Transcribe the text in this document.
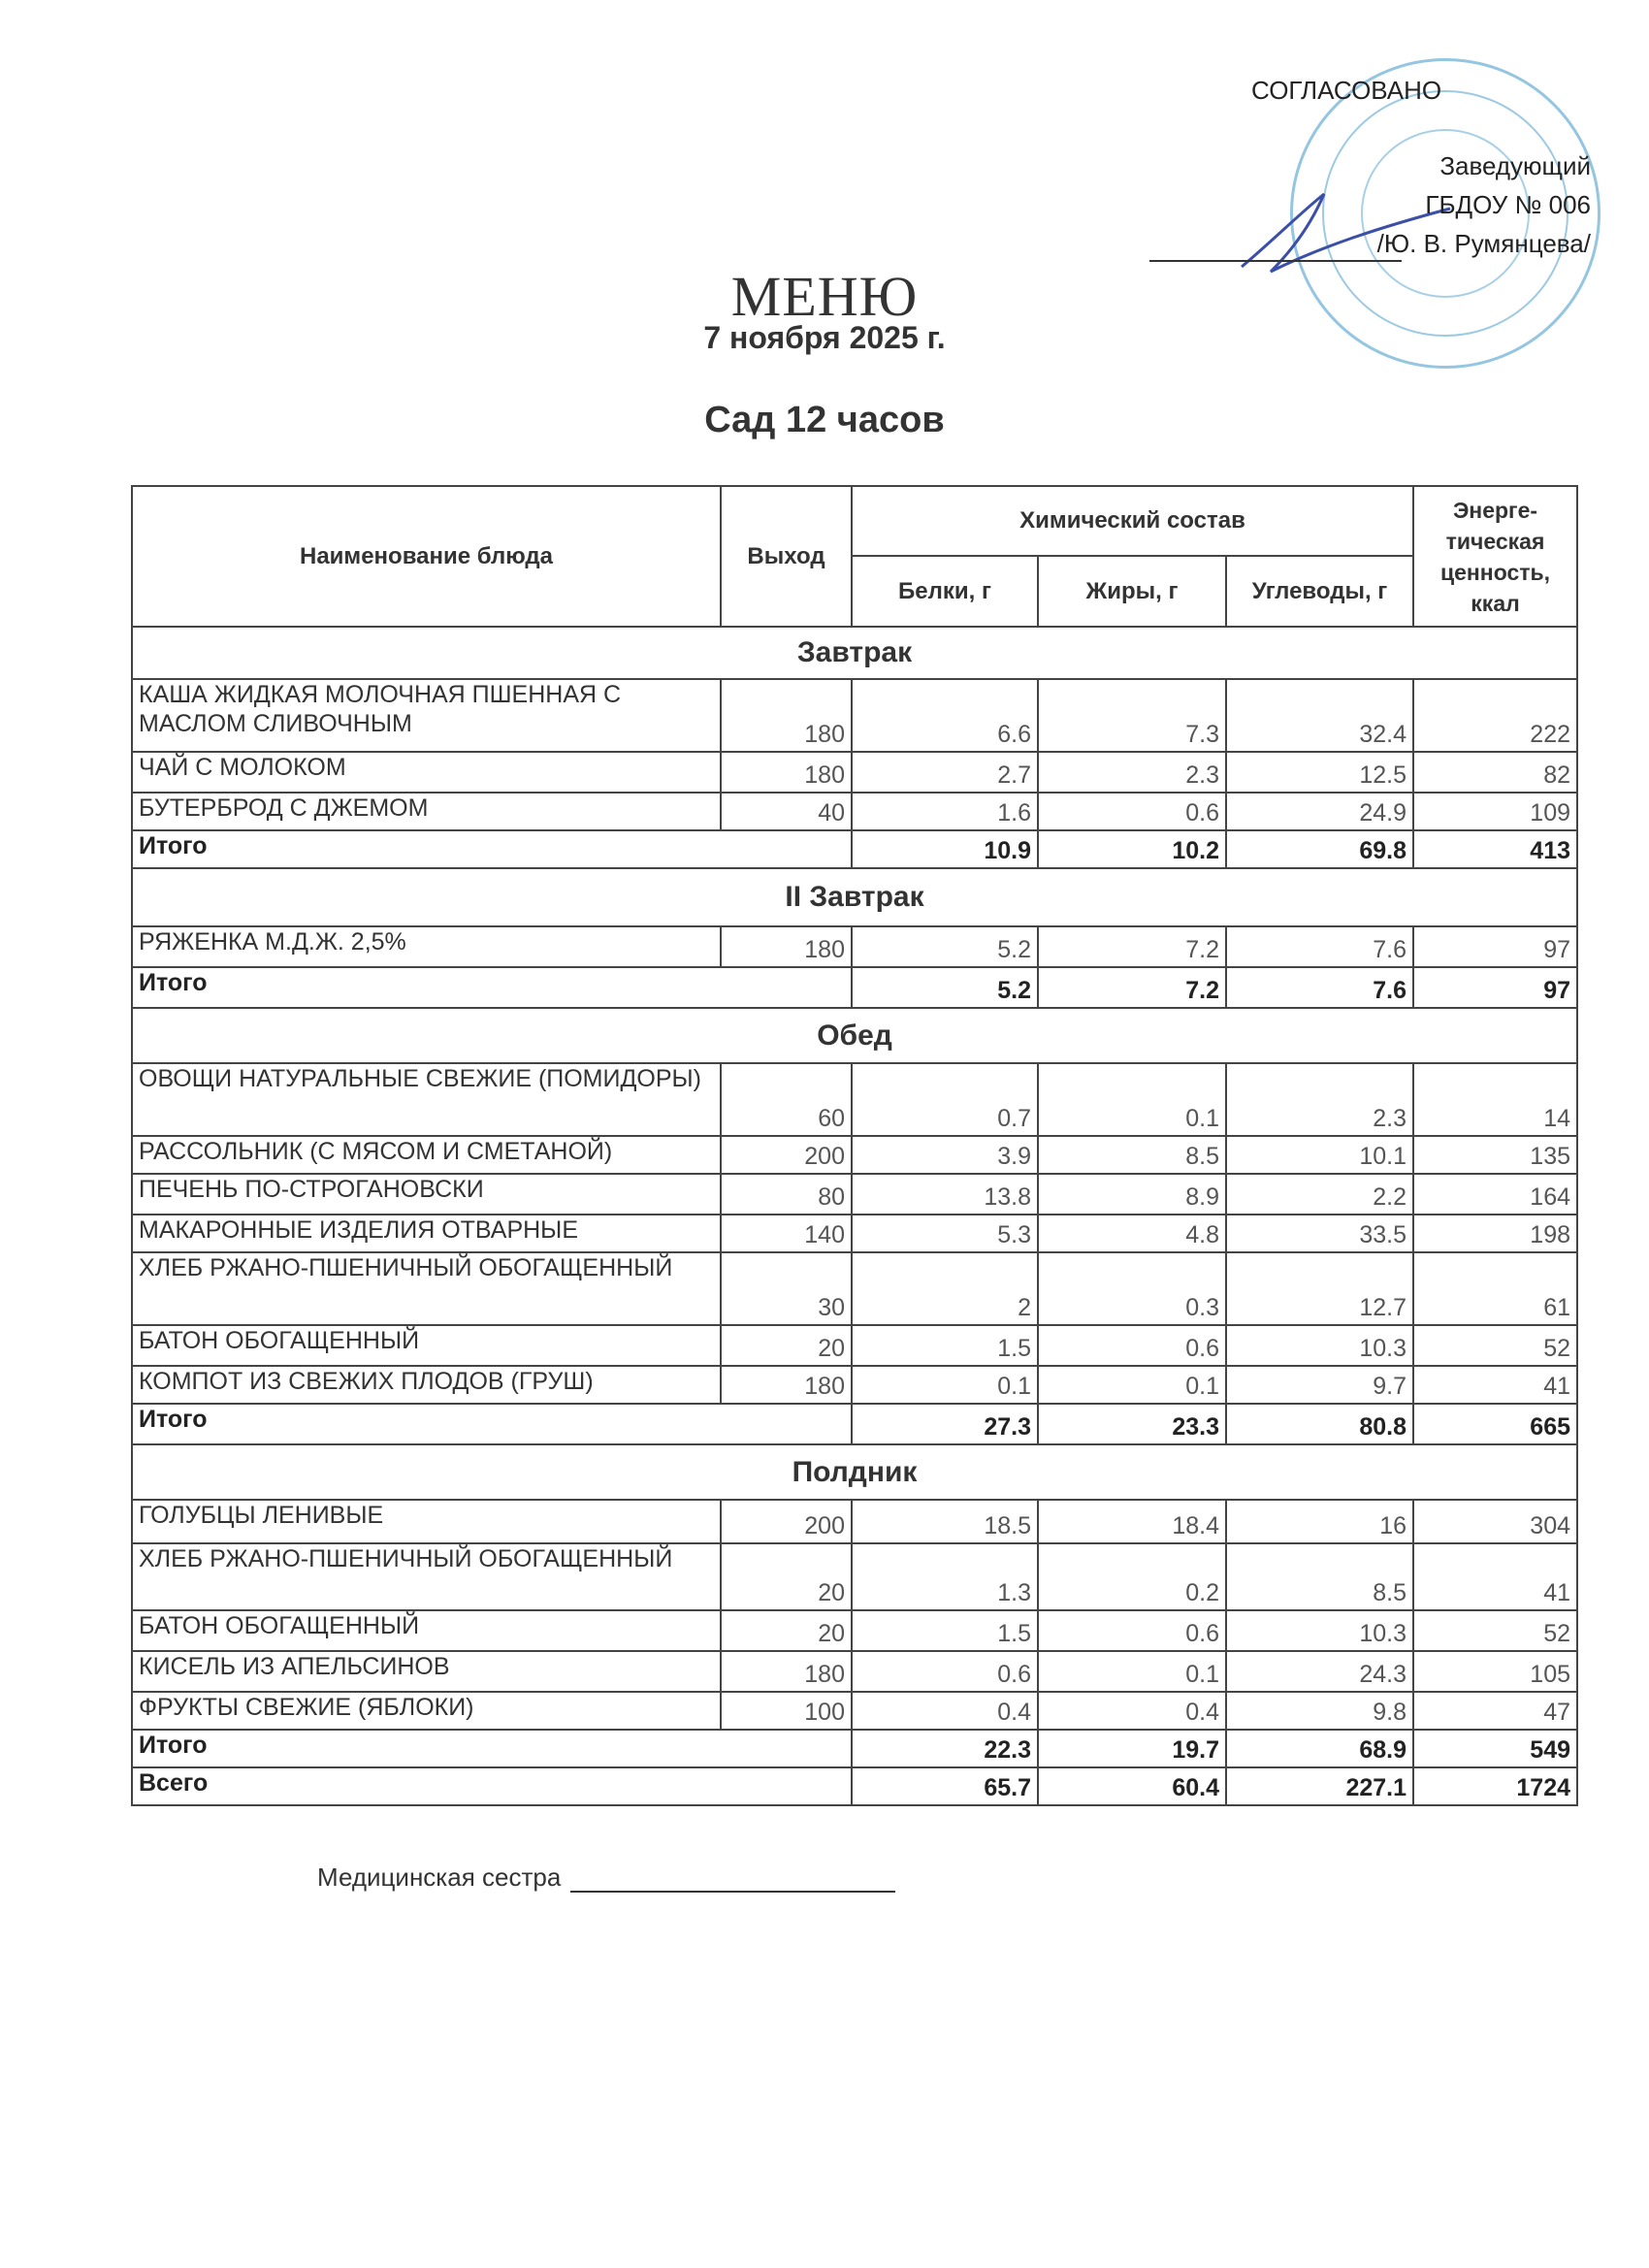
СОГЛАСОВАНО
Заведующий
ГБДОУ № 006
/Ю. В. Румянцева/
МЕНЮ
7 ноября 2025 г.
Сад 12 часов
Наименование блюда	Выход	Химический состав			Энерге-тическая ценность, ккал
		Белки, г	Жиры, г	Углеводы, г	
Завтрак					
КАША ЖИДКАЯ МОЛОЧНАЯ ПШЕННАЯ С МАСЛОМ СЛИВОЧНЫМ	180	6.6	7.3	32.4	222
ЧАЙ С МОЛОКОМ	180	2.7	2.3	12.5	82
БУТЕРБРОД С ДЖЕМОМ	40	1.6	0.6	24.9	109
Итого		10.9	10.2	69.8	413
II Завтрак					
РЯЖЕНКА М.Д.Ж. 2,5%	180	5.2	7.2	7.6	97
Итого		5.2	7.2	7.6	97
Обед					
ОВОЩИ НАТУРАЛЬНЫЕ СВЕЖИЕ (ПОМИДОРЫ)	60	0.7	0.1	2.3	14
РАССОЛЬНИК (С МЯСОМ И СМЕТАНОЙ)	200	3.9	8.5	10.1	135
ПЕЧЕНЬ ПО-СТРОГАНОВСКИ	80	13.8	8.9	2.2	164
МАКАРОННЫЕ ИЗДЕЛИЯ ОТВАРНЫЕ	140	5.3	4.8	33.5	198
ХЛЕБ РЖАНО-ПШЕНИЧНЫЙ ОБОГАЩЕННЫЙ	30	2	0.3	12.7	61
БАТОН ОБОГАЩЕННЫЙ	20	1.5	0.6	10.3	52
КОМПОТ ИЗ СВЕЖИХ ПЛОДОВ (ГРУШ)	180	0.1	0.1	9.7	41
Итого		27.3	23.3	80.8	665
Полдник					
ГОЛУБЦЫ ЛЕНИВЫЕ	200	18.5	18.4	16	304
ХЛЕБ РЖАНО-ПШЕНИЧНЫЙ ОБОГАЩЕННЫЙ	20	1.3	0.2	8.5	41
БАТОН ОБОГАЩЕННЫЙ	20	1.5	0.6	10.3	52
КИСЕЛЬ ИЗ АПЕЛЬСИНОВ	180	0.6	0.1	24.3	105
ФРУКТЫ СВЕЖИЕ (ЯБЛОКИ)	100	0.4	0.4	9.8	47
Итого		22.3	19.7	68.9	549
Всего		65.7	60.4	227.1	1724
Медицинская сестра
